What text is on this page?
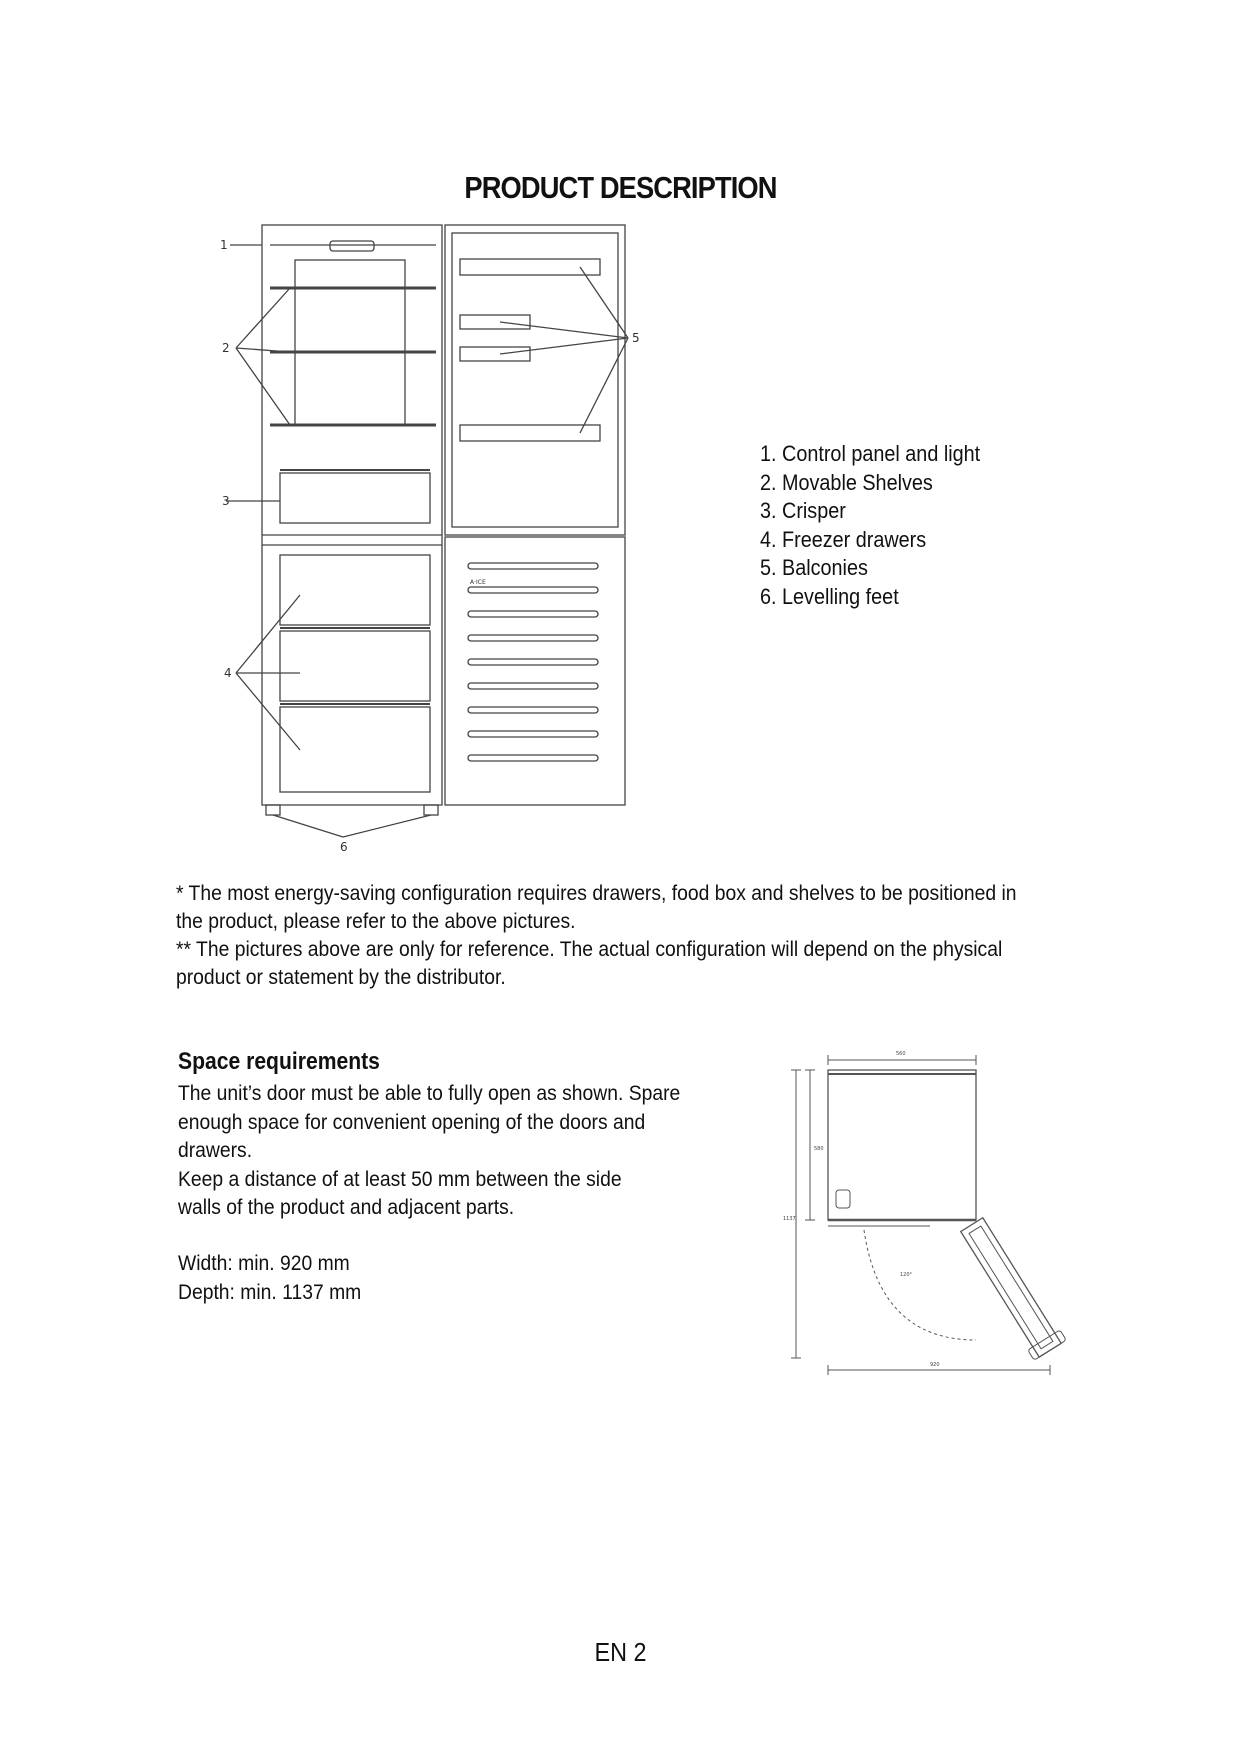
PRODUCT DESCRIPTION
1
2
3
4
5
6
A·ICE
1. Control panel and light
2. Movable Shelves
3. Crisper
4. Freezer drawers
5. Balconies
6. Levelling feet
* The most energy-saving configuration requires drawers, food box and shelves to be positioned in
the product, please refer to the above pictures.
** The pictures above are only for reference. The actual configuration will depend on the physical
product or statement by the distributor.
Space requirements
The unit’s door must be able to fully open as shown. Spare
enough space for convenient opening of the doors and
drawers.
Keep a distance of at least 50 mm between the side
walls of the product and adjacent parts.
Width: min. 920 mm
Depth: min. 1137 mm
560
580
1137
920
120°
EN 2
